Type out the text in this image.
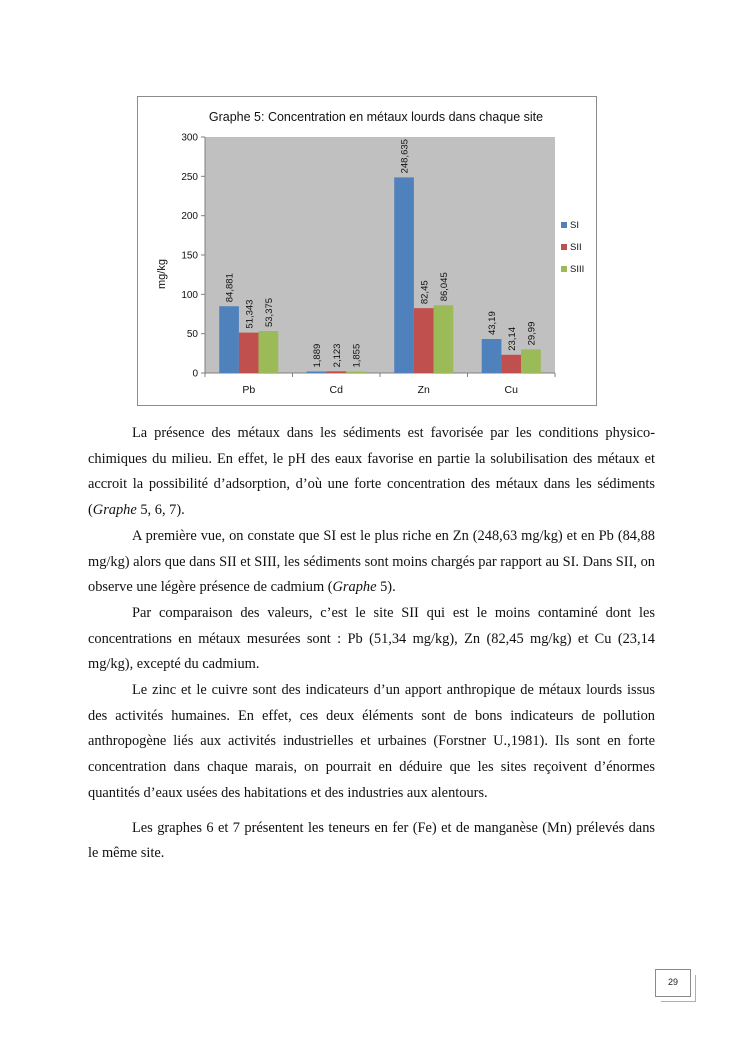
Graphe 5: Concentration en métaux lourds dans chaque site
0
50
100
150
200
250
300
Pb
84,881
51,343 53,375
Cd
1,889 2,123 1,855
Zn
248,635
82,45 86,045
Cu
43,19
23,14 29,99
mg/kg
SI
SII
SIII

La présence des métaux dans les sédiments est favorisée par les conditions physico-chimiques du milieu. En effet, le pH des eaux favorise en partie la solubilisation des métaux et accroit la possibilité d’adsorption, d’où une forte concentration des métaux dans les sédiments (Graphe 5, 6, 7).

A première vue, on constate que SI est le plus riche en Zn (248,63 mg/kg) et en Pb (84,88 mg/kg) alors que dans SII et SIII, les sédiments sont moins chargés par rapport au SI. Dans SII, on observe une légère présence de cadmium (Graphe 5).

Par comparaison des valeurs, c’est le site SII qui est le moins contaminé dont les concentrations en métaux mesurées sont : Pb (51,34 mg/kg), Zn (82,45 mg/kg) et Cu (23,14 mg/kg), excepté du cadmium.

Le zinc et le cuivre sont des indicateurs d’un apport anthropique de métaux lourds issus des activités humaines. En effet, ces deux éléments sont de bons indicateurs de pollution anthropogène liés aux activités industrielles et urbaines (Forstner U.,1981). Ils sont en forte concentration dans chaque marais, on pourrait en déduire que les sites reçoivent d’énormes quantités d’eaux usées des habitations et des industries aux alentours.

Les graphes 6 et 7 présentent les teneurs en fer (Fe) et de manganèse (Mn) prélevés dans le même site.

29
